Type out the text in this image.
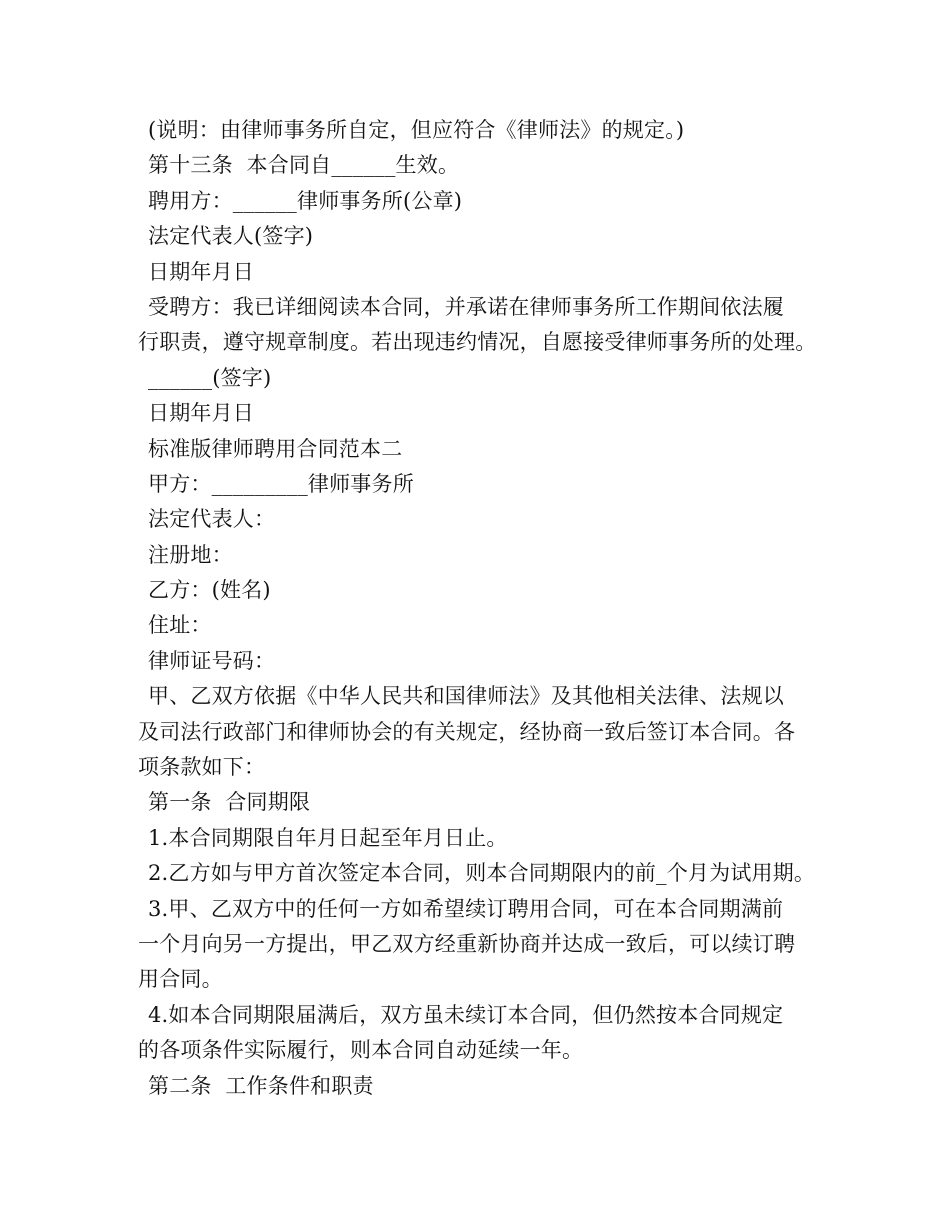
(说明：由律师事务所自定，但应符合《律师法》的规定。)
第十三条  本合同自______生效。
聘用方：______律师事务所(公章)
法定代表人(签字)
日期年月日
受聘方：我已详细阅读本合同，并承诺在律师事务所工作期间依法履
行职责，遵守规章制度。若出现违约情况，自愿接受律师事务所的处理。
______(签字)
日期年月日
标准版律师聘用合同范本二
甲方：_________律师事务所
法定代表人：
注册地：
乙方：(姓名)
住址：
律师证号码：
甲、乙双方依据《中华人民共和国律师法》及其他相关法律、法规以
及司法行政部门和律师协会的有关规定，经协商一致后签订本合同。各
项条款如下：
第一条  合同期限
1.本合同期限自年月日起至年月日止。
2.乙方如与甲方首次签定本合同，则本合同期限内的前_个月为试用期。
3.甲、乙双方中的任何一方如希望续订聘用合同，可在本合同期满前
一个月向另一方提出，甲乙双方经重新协商并达成一致后，可以续订聘
用合同。
4.如本合同期限届满后，双方虽未续订本合同，但仍然按本合同规定
的各项条件实际履行，则本合同自动延续一年。
第二条  工作条件和职责
